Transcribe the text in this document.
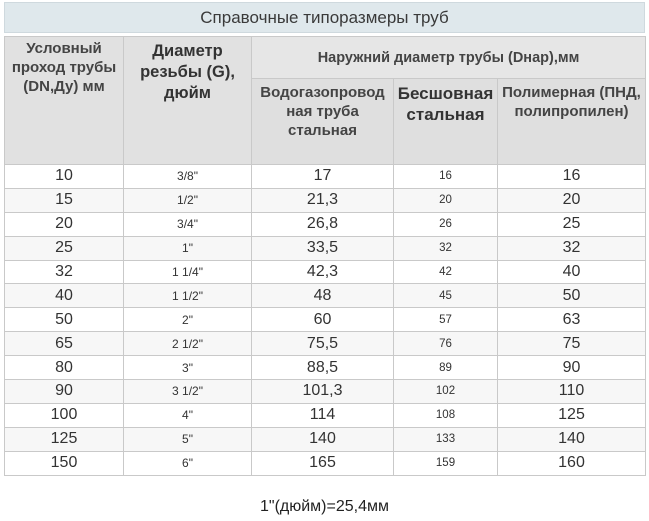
Справочные типоразмеры труб
Условный проход трубы (DN,Ду) мм	Диаметр резьбы (G), дюйм	Наружний диаметр трубы (Dнар),мм		
		Водогазопровод ная труба стальная	Бесшовная стальная	Полимерная (ПНД, полипропилен)
10	3/8"	17	16	16
15	1/2"	21,3	20	20
20	3/4"	26,8	26	25
25	1"	33,5	32	32
32	1 1/4"	42,3	42	40
40	1 1/2"	48	45	50
50	2"	60	57	63
65	2 1/2"	75,5	76	75
80	3"	88,5	89	90
90	3 1/2"	101,3	102	110
100	4"	114	108	125
125	5"	140	133	140
150	6"	165	159	160
1"(дюйм)=25,4мм
